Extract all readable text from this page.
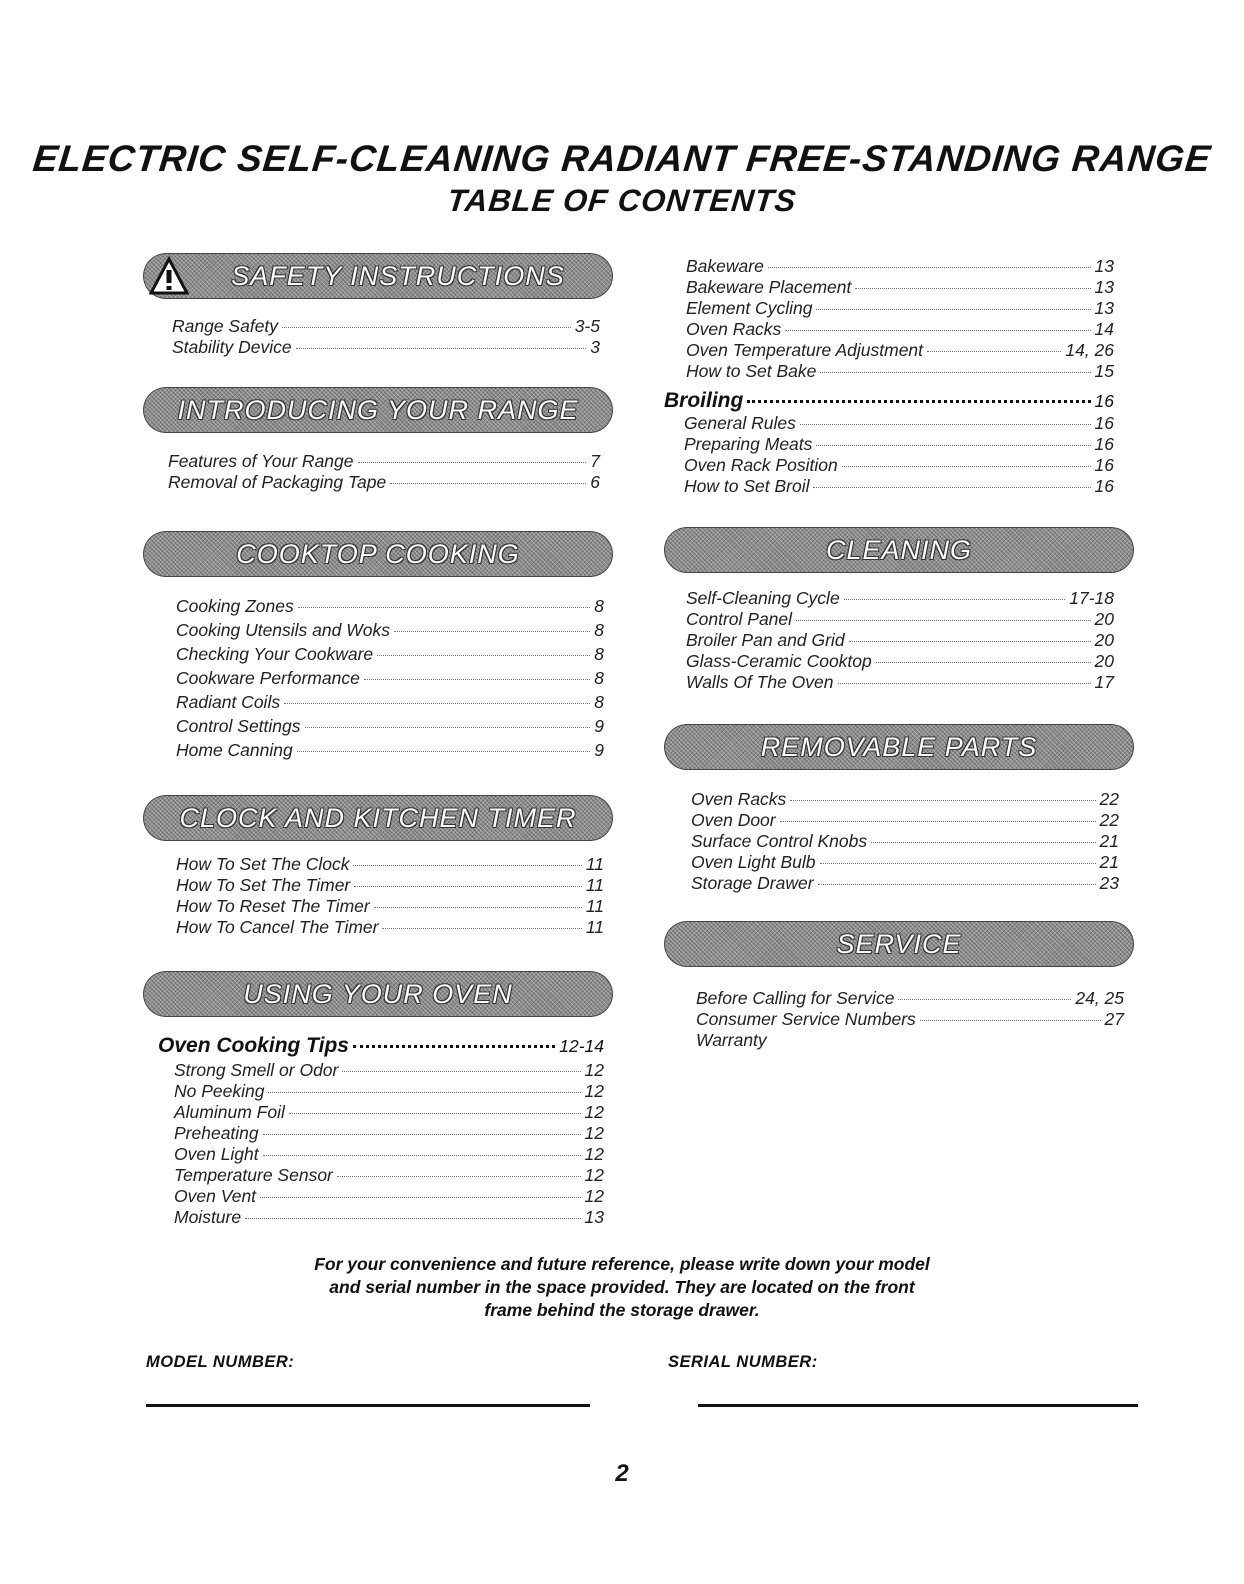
ELECTRIC SELF-CLEANING RADIANT FREE-STANDING RANGE
TABLE OF CONTENTS
SAFETY INSTRUCTIONS
Range Safety	3-5
Stability Device	3
INTRODUCING YOUR RANGE
Features of Your Range	7
Removal of Packaging Tape	6
COOKTOP COOKING
Cooking Zones	8
Cooking Utensils and Woks	8
Checking Your Cookware	8
Cookware Performance	8
Radiant Coils	8
Control Settings	9
Home Canning	9
CLOCK AND KITCHEN TIMER
How To Set The Clock	11
How To Set The Timer	11
How To Reset The Timer	11
How To Cancel The Timer	11
USING YOUR OVEN
Oven Cooking Tips	12-14
Strong Smell or Odor	12
No Peeking	12
Aluminum Foil	12
Preheating	12
Oven Light	12
Temperature Sensor	12
Oven Vent	12
Moisture	13
Bakeware	13
Bakeware Placement	13
Element Cycling	13
Oven Racks	14
Oven Temperature Adjustment	14, 26
How to Set Bake	15
Broiling	16
General Rules	16
Preparing Meats	16
Oven Rack Position	16
How to Set Broil	16
CLEANING
Self-Cleaning Cycle	17-18
Control Panel	20
Broiler Pan and Grid	20
Glass-Ceramic Cooktop	20
Walls Of The Oven	17
REMOVABLE PARTS
Oven Racks	22
Oven Door	22
Surface Control Knobs	21
Oven Light Bulb	21
Storage Drawer	23
SERVICE
Before Calling for Service	24, 25
Consumer Service Numbers	27
Warranty
For your convenience and future reference, please write down your model
and serial number in the space provided. They are located on the front
frame behind the storage drawer.
MODEL NUMBER:	SERIAL NUMBER:
2
